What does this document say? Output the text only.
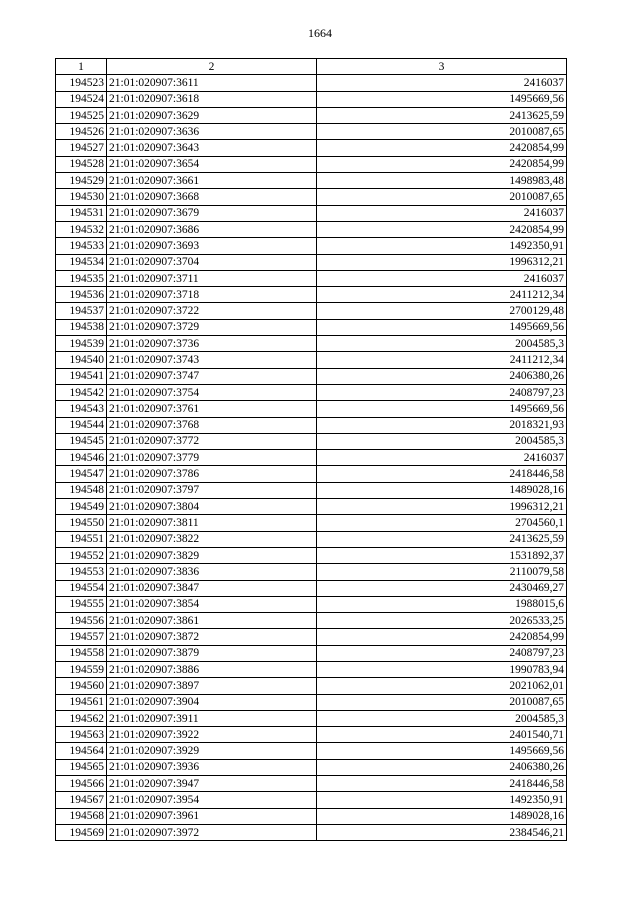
1664
1	2	3
194523	21:01:020907:3611	2416037
194524	21:01:020907:3618	1495669,56
194525	21:01:020907:3629	2413625,59
194526	21:01:020907:3636	2010087,65
194527	21:01:020907:3643	2420854,99
194528	21:01:020907:3654	2420854,99
194529	21:01:020907:3661	1498983,48
194530	21:01:020907:3668	2010087,65
194531	21:01:020907:3679	2416037
194532	21:01:020907:3686	2420854,99
194533	21:01:020907:3693	1492350,91
194534	21:01:020907:3704	1996312,21
194535	21:01:020907:3711	2416037
194536	21:01:020907:3718	2411212,34
194537	21:01:020907:3722	2700129,48
194538	21:01:020907:3729	1495669,56
194539	21:01:020907:3736	2004585,3
194540	21:01:020907:3743	2411212,34
194541	21:01:020907:3747	2406380,26
194542	21:01:020907:3754	2408797,23
194543	21:01:020907:3761	1495669,56
194544	21:01:020907:3768	2018321,93
194545	21:01:020907:3772	2004585,3
194546	21:01:020907:3779	2416037
194547	21:01:020907:3786	2418446,58
194548	21:01:020907:3797	1489028,16
194549	21:01:020907:3804	1996312,21
194550	21:01:020907:3811	2704560,1
194551	21:01:020907:3822	2413625,59
194552	21:01:020907:3829	1531892,37
194553	21:01:020907:3836	2110079,58
194554	21:01:020907:3847	2430469,27
194555	21:01:020907:3854	1988015,6
194556	21:01:020907:3861	2026533,25
194557	21:01:020907:3872	2420854,99
194558	21:01:020907:3879	2408797,23
194559	21:01:020907:3886	1990783,94
194560	21:01:020907:3897	2021062,01
194561	21:01:020907:3904	2010087,65
194562	21:01:020907:3911	2004585,3
194563	21:01:020907:3922	2401540,71
194564	21:01:020907:3929	1495669,56
194565	21:01:020907:3936	2406380,26
194566	21:01:020907:3947	2418446,58
194567	21:01:020907:3954	1492350,91
194568	21:01:020907:3961	1489028,16
194569	21:01:020907:3972	2384546,21
